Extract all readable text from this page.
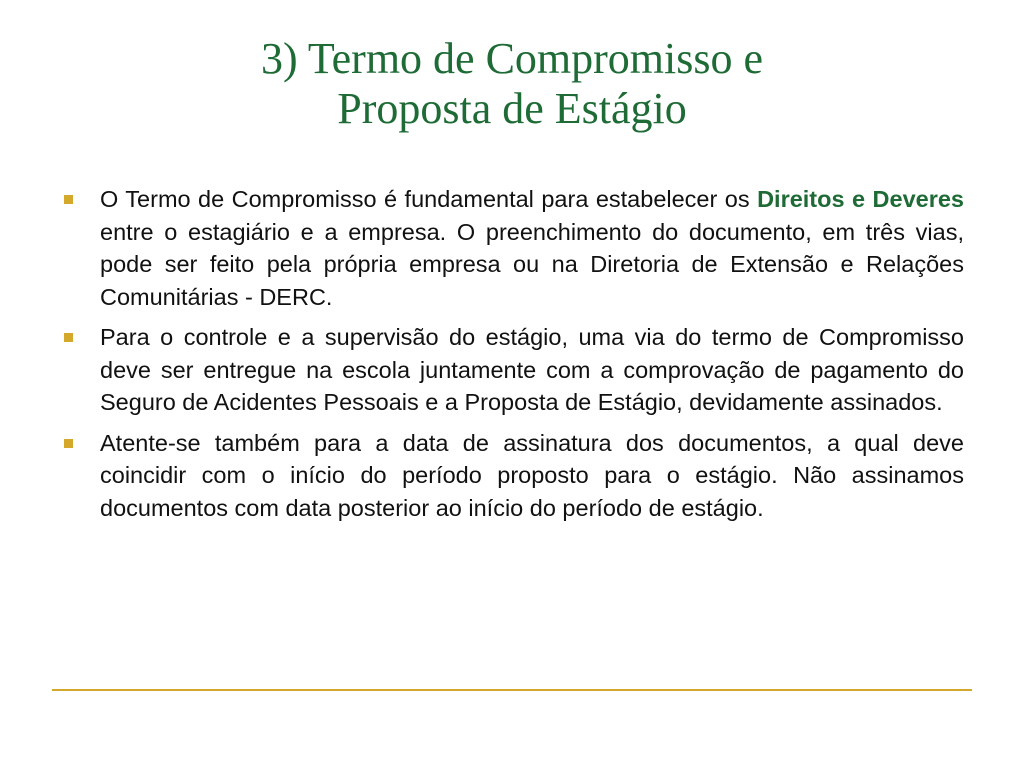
3) Termo de Compromisso e
Proposta de Estágio
O Termo de Compromisso é fundamental para estabelecer os Direitos e Deveres entre o estagiário e a empresa. O preenchimento do documento, em três vias, pode ser feito pela própria empresa ou na Diretoria de Extensão e Relações Comunitárias - DERC.
Para o controle e a supervisão do estágio, uma via do termo de Compromisso deve ser entregue na escola juntamente com a comprovação de pagamento do Seguro de Acidentes Pessoais e a Proposta de Estágio, devidamente assinados.
Atente-se também para a data de assinatura dos documentos, a qual deve coincidir com o início do período proposto para o estágio. Não assinamos documentos com data posterior ao início do período de estágio.
